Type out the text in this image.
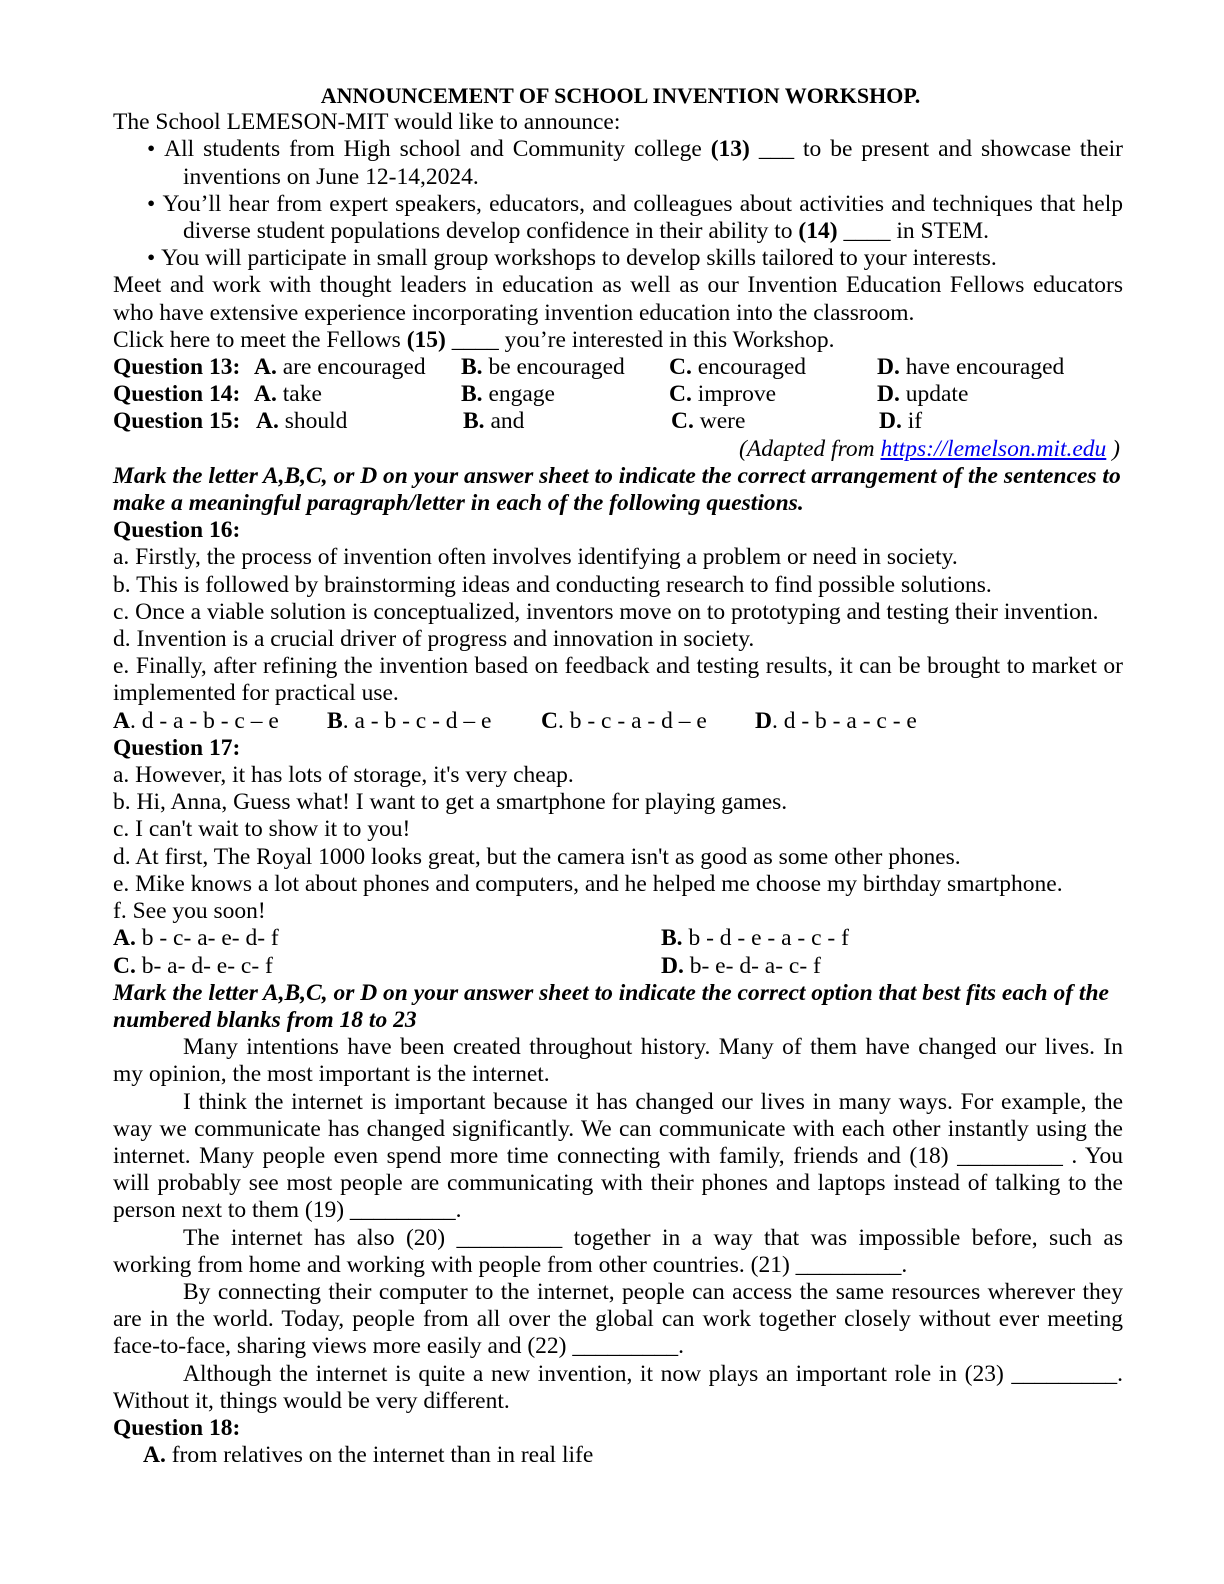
ANNOUNCEMENT OF SCHOOL INVENTION WORKSHOP.

The School LEMESON-MIT would like to announce:

• All students from High school and Community college (13) ___ to be present and showcase their inventions on June 12-14,2024.

• You’ll hear from expert speakers, educators, and colleagues about activities and techniques that help diverse student populations develop confidence in their ability to (14) ____ in STEM.

• You will participate in small group workshops to develop skills tailored to your interests.

Meet and work with thought leaders in education as well as our Invention Education Fellows educators who have extensive experience incorporating invention education into the classroom.

Click here to meet the Fellows (15) ____ you’re interested in this Workshop.

Question 13: A. are encouraged	B. be encouraged	C. encouraged	D. have encouraged
Question 14: A. take	B. engage	C. improve	D. update
Question 15: A. should	B. and	C. were	D. if

(Adapted from https://lemelson.mit.edu )

Mark the letter A,B,C, or D on your answer sheet to indicate the correct arrangement of the sentences to make a meaningful paragraph/letter in each of the following questions.

Question 16:

a. Firstly, the process of invention often involves identifying a problem or need in society.

b. This is followed by brainstorming ideas and conducting research to find possible solutions.

c. Once a viable solution is conceptualized, inventors move on to prototyping and testing their invention.

d. Invention is a crucial driver of progress and innovation in society.

e. Finally, after refining the invention based on feedback and testing results, it can be brought to market or implemented for practical use.

A. d - a - b - c – e	B. a - b - c - d – e	C. b - c - a - d – e	D. d - b - a - c - e

Question 17:

a. However, it has lots of storage, it's very cheap.

b. Hi, Anna, Guess what! I want to get a smartphone for playing games.

c. I can't wait to show it to you!

d. At first, The Royal 1000 looks great, but the camera isn't as good as some other phones.

e. Mike knows a lot about phones and computers, and he helped me choose my birthday smartphone.

f. See you soon!

A. b - c- a- e- d- f	B. b - d - e - a - c - f
C. b- a- d- e- c- f	D. b- e- d- a- c- f

Mark the letter A,B,C, or D on your answer sheet to indicate the correct option that best fits each of the numbered blanks from 18 to 23

Many intentions have been created throughout history. Many of them have changed our lives. In my opinion, the most important is the internet.

I think the internet is important because it has changed our lives in many ways. For example, the way we communicate has changed significantly. We can communicate with each other instantly using the internet. Many people even spend more time connecting with family, friends and (18) _________ . You will probably see most people are communicating with their phones and laptops instead of talking to the person next to them (19) _________.

The internet has also (20) _________ together in a way that was impossible before, such as working from home and working with people from other countries. (21) _________.

By connecting their computer to the internet, people can access the same resources wherever they are in the world. Today, people from all over the global can work together closely without ever meeting face-to-face, sharing views more easily and (22) _________.

Although the internet is quite a new invention, it now plays an important role in (23) _________. Without it, things would be very different.

Question 18:

A. from relatives on the internet than in real life
